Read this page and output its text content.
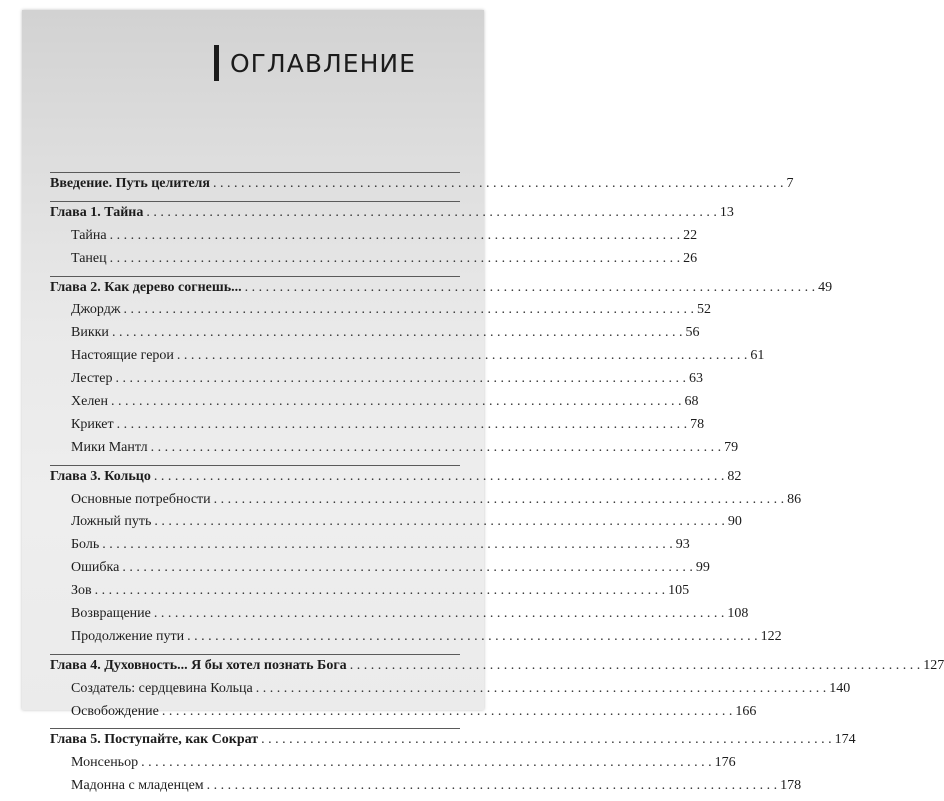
ОГЛАВЛЕНИЕ
Введение. Путь целителя . . .	7
Глава 1. Тайна . . .	13
Тайна . . .	22
Танец . . .	26
Глава 2. Как дерево согнешь... . . .	49
Джордж . . .	52
Викки . . .	56
Настоящие герои . . .	61
Лестер . . .	63
Хелен . . .	68
Крикет . . .	78
Мики Мантл . . .	79
Глава 3. Кольцо . . .	82
Основные потребности . . .	86
Ложный путь . . .	90
Боль . . .	93
Ошибка . . .	99
Зов . . .	105
Возвращение . . .	108
Продолжение пути . . .	122
Глава 4. Духовность... Я бы хотел познать Бога . . .	127
Создатель: сердцевина Кольца . . .	140
Освобождение . . .	166
Глава 5. Поступайте, как Сократ . . .	174
Монсеньор . . .	176
Мадонна с младенцем . . .	178
